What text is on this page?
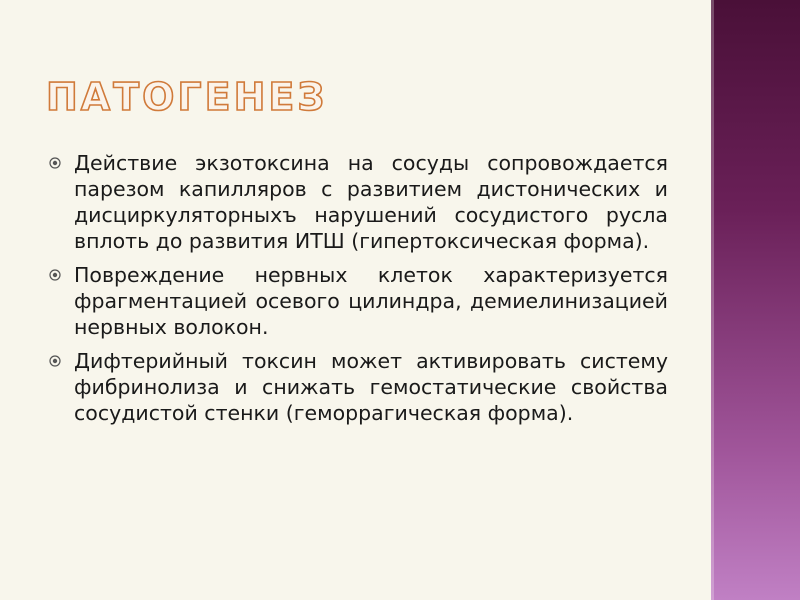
ПАТОГЕНЕЗ
Действие экзотоксина на сосуды сопровождается парезом капилляров с развитием дистонических и дисциркуляторныхъ нарушений сосудистого русла вплоть до развития ИТШ (гипертоксическая форма).
Повреждение нервных клеток характеризуется фрагментацией осевого цилиндра, демиелинизацией нервных волокон.
Дифтерийный токсин может активировать систему фибринолиза и снижать гемостатические свойства сосудистой стенки (геморрагическая форма).
